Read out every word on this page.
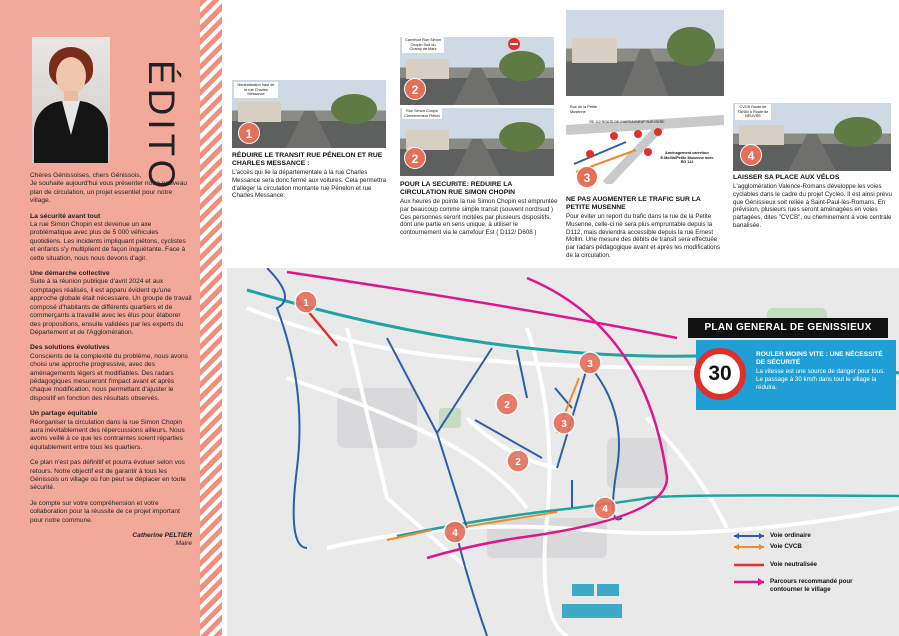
ÉDITO

Chères Génissoises, chers Génissois,
Je souhaite aujourd'hui vous présenter notre nouveau plan de circulation, un projet essentiel pour notre village.

La sécurité avant tout

La rue Simon Chopin est devenue un axe problématique avec plus de 5 000 véhicules quotidiens. Les incidents impliquant piétons, cyclistes et enfants s'y multiplient de façon inquiétante. Face à cette situation, nous nous devons d'agir.

Une démarche collective

Suite à la réunion publique d'avril 2024 et aux comptages réalisés, il est apparu évident qu'une approche globale était nécessaire. Un groupe de travail composé d'habitants de différents quartiers et de commerçants a travaillé avec les élus pour élaborer des propositions, ensuite validées par les experts du Département et de l'Agglomération.

Des solutions évolutives

Conscients de la complexité du problème, nous avons choisi une approche progressive, avec des aménagements légers et modifiables. Des radars pédagogiques mesureront l'impact avant et après chaque modification, nous permettant d'ajuster le dispositif en fonction des résultats observés.

Un partage équitable

Réorganiser la circulation dans la rue Simon Chopin aura inévitablement des répercussions ailleurs. Nous avons veillé à ce que les contraintes soient réparties équitablement entre tous les quartiers.

Ce plan n'est pas définitif et pourra évoluer selon vos retours. Notre objectif est de garantir à tous les Génissois un village où l'on peut se déplacer en toute sécurité.

Je compte sur votre compréhension et votre collaboration pour la réussite de ce projet important pour notre commune.

Catherine PELTIER

Maire

Neutralisation haut de la rue Charles Messance
1
RÉDUIRE LE TRANSIT RUE PÉNELON ET RUE CHARLES MESSANCE :
L'accès qui lie la départementale à la rue Charles Messance sera donc fermé aux voitures. Cela permettra d'alléger la circulation montante rue Pénelon et rue Charles Messance.
Carrefour Rue Simon Chopin Sud du Champ de Mars
2
Rue Simon Chopin Cheminement Piéton
2
POUR LA SECURITE: REDUIRE LA CIRCULATION RUE SIMON CHOPIN
Aux heures de pointe la rue Simon Chopin est empruntée par beaucoup comme simple transit (souvent nord/sud ) Ces personnes seront incitées par plusieurs dispositifs, dont une partie en sens unique, à utiliser le contournement via le carrefour Est ( D112/ D608 )
Rue de la Petite Musenne
RD 112 ROUTE DE CHATEAUNEUF SUR ISERE
Aménagement carrefour E.Mollin/Petite Musenne avec RD 112
3
NE PAS AUGMENTER LE TRAFIC SUR LA PETITE MUSENNE
Pour éviter un report du trafic dans la rue de la Petite Musenne, celle-ci ne sera plus empruntable depuis la D112, mais deviendra accessible depuis la rue Ernest Mollin. Une mesure des débits de transit sera effectuée par radars pédagogique avant et après les modifications de la circulation.
CVCB Route de TANIN à Route de NEUVRE
4
LAISSER SA PLACE AUX VÉLOS
L'agglomération Valence-Romans développe les voies cyclables dans le cadre du projet Cycléo. Il est ainsi prévu que Génissieux soit reliée à Saint-Paul-lès-Romans. En prévision, plusieurs rues seront aménagées en voies partagées, dites "CVCB", ou cheminement à voie centrale banalisée.
1
2
2
3
3
4
4
PLAN GENERAL DE GENISSIEUX
30
ROULER MOINS VITE : UNE NÉCESSITÉ DE SÉCURITÉ
La vitesse est une source de danger pour tous. Le passage à 30 km/h dans tout le village la réduira.
Voie ordinaire
Voie CVCB
Voie neutralisée
Parcours recommandé pour contourner le village
